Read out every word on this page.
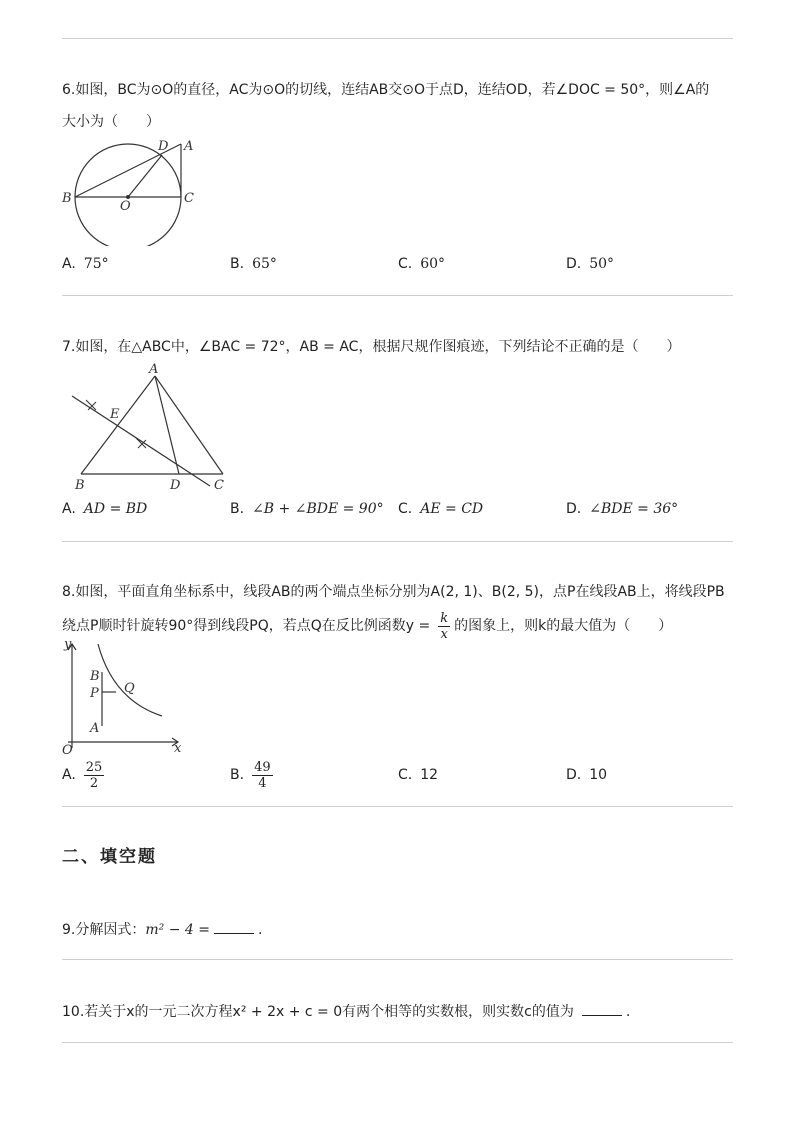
6.如图，BC为⊙O的直径，AC为⊙O的切线，连结AB交⊙O于点D，连结OD，若∠DOC = 50°，则∠A的
大小为（　　）
B
O
C
D A
A. 75°	B. 65°	C. 60°	D. 50°
7.如图，在△ABC中，∠BAC = 72°，AB = AC，根据尺规作图痕迹，下列结论不正确的是（　　）
A
E
B	D	C
A. AD = BD	B. ∠B + ∠BDE = 90° C. AE = CD	D. ∠BDE = 36°
8.如图，平面直角坐标系中，线段AB的两个端点坐标分别为A(2, 1)、B(2, 5)，点P在线段AB上，将线段PB
绕点P顺时针旋转90°得到线段PQ，若点Q在反比例函数$y = \frac{k}{x}$ 的图象上，则k的最大值为（　　）
y
x
O
B
P Q
A
A. $\frac{25}{2}$	B. $\frac{49}{4}$	C. 12	D. 10
二、填空题
9.分解因式：m² − 4 =	.
10.若关于x的一元二次方程x² + 2x + c = 0有两个相等的实数根，则实数c的值为	.
